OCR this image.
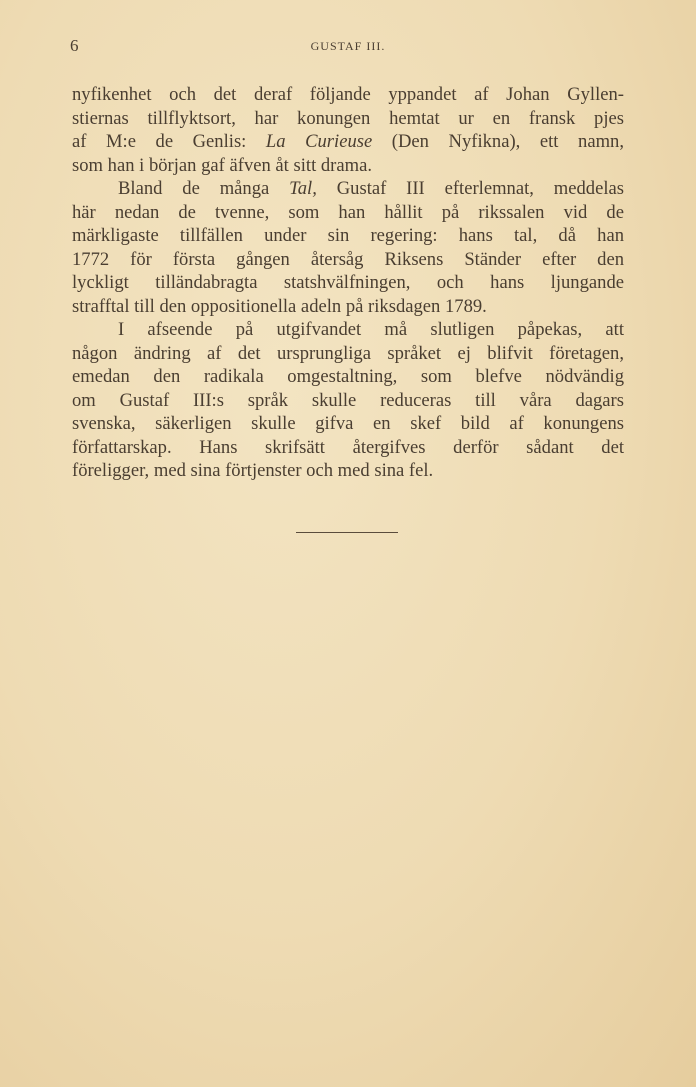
6	GUSTAF III.
nyfikenhet och det deraf följande yppandet af Johan Gyllen-
stiernas tillflyktsort, har konungen hemtat ur en fransk pjes
af M:e de Genlis: La Curieuse (Den Nyfikna), ett namn,
som han i början gaf äfven åt sitt drama.
Bland de många Tal, Gustaf III efterlemnat, meddelas
här nedan de tvenne, som han hållit på rikssalen vid de
märkligaste tillfällen under sin regering: hans tal, då han
1772 för första gången återsåg Riksens Ständer efter den
lyckligt tilländabragta statshvälfningen, och hans ljungande
strafftal till den oppositionella adeln på riksdagen 1789.
I afseende på utgifvandet må slutligen påpekas, att
någon ändring af det ursprungliga språket ej blifvit företagen,
emedan den radikala omgestaltning, som blefve nödvändig
om Gustaf III:s språk skulle reduceras till våra dagars
svenska, säkerligen skulle gifva en skef bild af konungens
författarskap. Hans skrifsätt återgifves derför sådant det
föreligger, med sina förtjenster och med sina fel.
